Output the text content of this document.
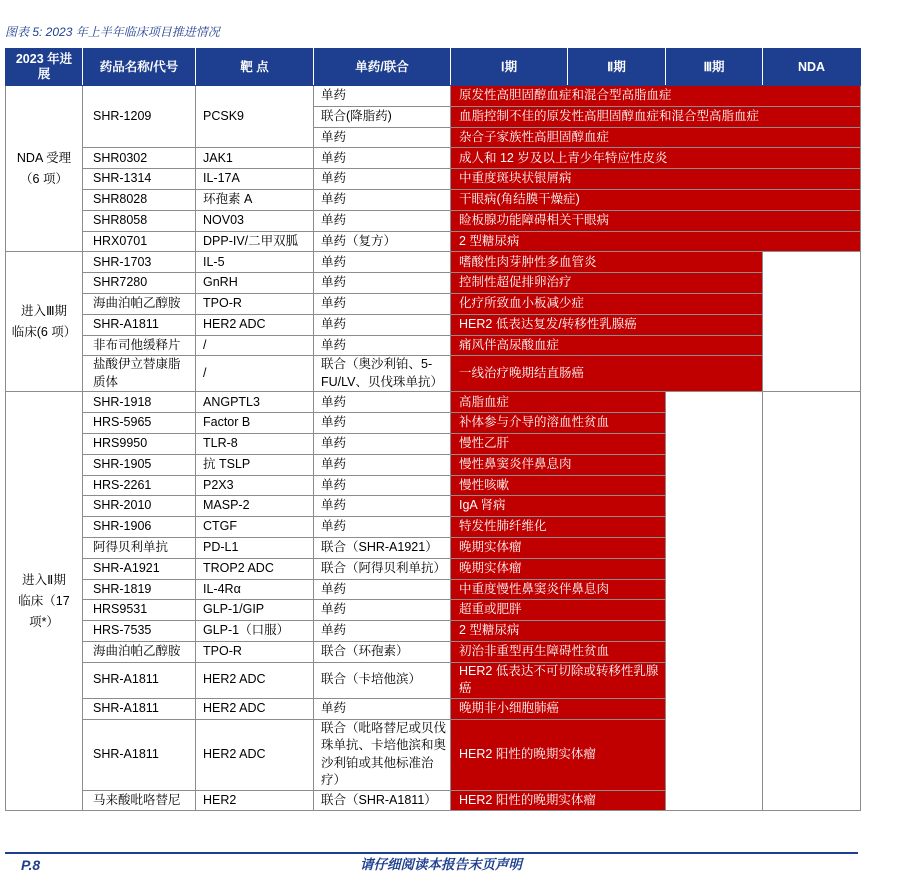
图表 5: 2023 年上半年临床项目推进情况
2023 年进
展	药品名称/代号	靶 点	单药/联合	Ⅰ期	Ⅱ期	Ⅲ期	NDA

NDA 受理
（6 项）	SHR-1209	PCSK9	单药	原发性高胆固醇血症和混合型高脂血症			
			联合(降脂药)	血脂控制不佳的原发性高胆固醇血症和混合型高脂血症			
			单药	杂合子家族性高胆固醇血症			
	SHR0302	JAK1	单药	成人和 12 岁及以上青少年特应性皮炎			
	SHR-1314	IL-17A	单药	中重度斑块状银屑病			
	SHR8028	环孢素 A	单药	干眼病(角结膜干燥症)			
	SHR8058	NOV03	单药	睑板腺功能障碍相关干眼病			
	HRX0701	DPP-IV/二甲双胍	单药（复方）	2 型糖尿病			

进入Ⅲ期
临床(6 项）	SHR-1703	IL-5	单药	嗜酸性肉芽肿性多血管炎			
	SHR7280	GnRH	单药	控制性超促排卵治疗			
	海曲泊帕乙醇胺	TPO-R	单药	化疗所致血小板减少症			
	SHR-A1811	HER2 ADC	单药	HER2 低表达复发/转移性乳腺癌			
	非布司他缓释片	/	单药	痛风伴高尿酸血症			
	盐酸伊立替康脂质体	/	联合（奥沙利铂、5-FU/LV、贝伐珠单抗）	一线治疗晚期结直肠癌			

进入Ⅱ期
临床（17
项*）	SHR-1918	ANGPTL3	单药	高脂血症			
	HRS-5965	Factor B	单药	补体参与介导的溶血性贫血			
	HRS9950	TLR-8	单药	慢性乙肝			
	SHR-1905	抗 TSLP	单药	慢性鼻窦炎伴鼻息肉			
	HRS-2261	P2X3	单药	慢性咳嗽			
	SHR-2010	MASP-2	单药	IgA 肾病			
	SHR-1906	CTGF	单药	特发性肺纤维化			
	阿得贝利单抗	PD-L1	联合（SHR-A1921）	晚期实体瘤			
	SHR-A1921	TROP2 ADC	联合（阿得贝利单抗）	晚期实体瘤			
	SHR-1819	IL-4Rα	单药	中重度慢性鼻窦炎伴鼻息肉			
	HRS9531	GLP-1/GIP	单药	超重或肥胖			
	HRS-7535	GLP-1（口服）	单药	2 型糖尿病			
	海曲泊帕乙醇胺	TPO-R	联合（环孢素）	初治非重型再生障碍性贫血			
	SHR-A1811	HER2 ADC	联合（卡培他滨）	HER2 低表达不可切除或转移性乳腺癌			
	SHR-A1811	HER2 ADC	单药	晚期非小细胞肺癌			
	SHR-A1811	HER2 ADC	联合（吡咯替尼或贝伐珠单抗、卡培他滨和奥沙利铂或其他标准治疗）	HER2 阳性的晚期实体瘤			
	马来酸吡咯替尼	HER2	联合（SHR-A1811）	HER2 阳性的晚期实体瘤			
P.8	请仔细阅读本报告末页声明
